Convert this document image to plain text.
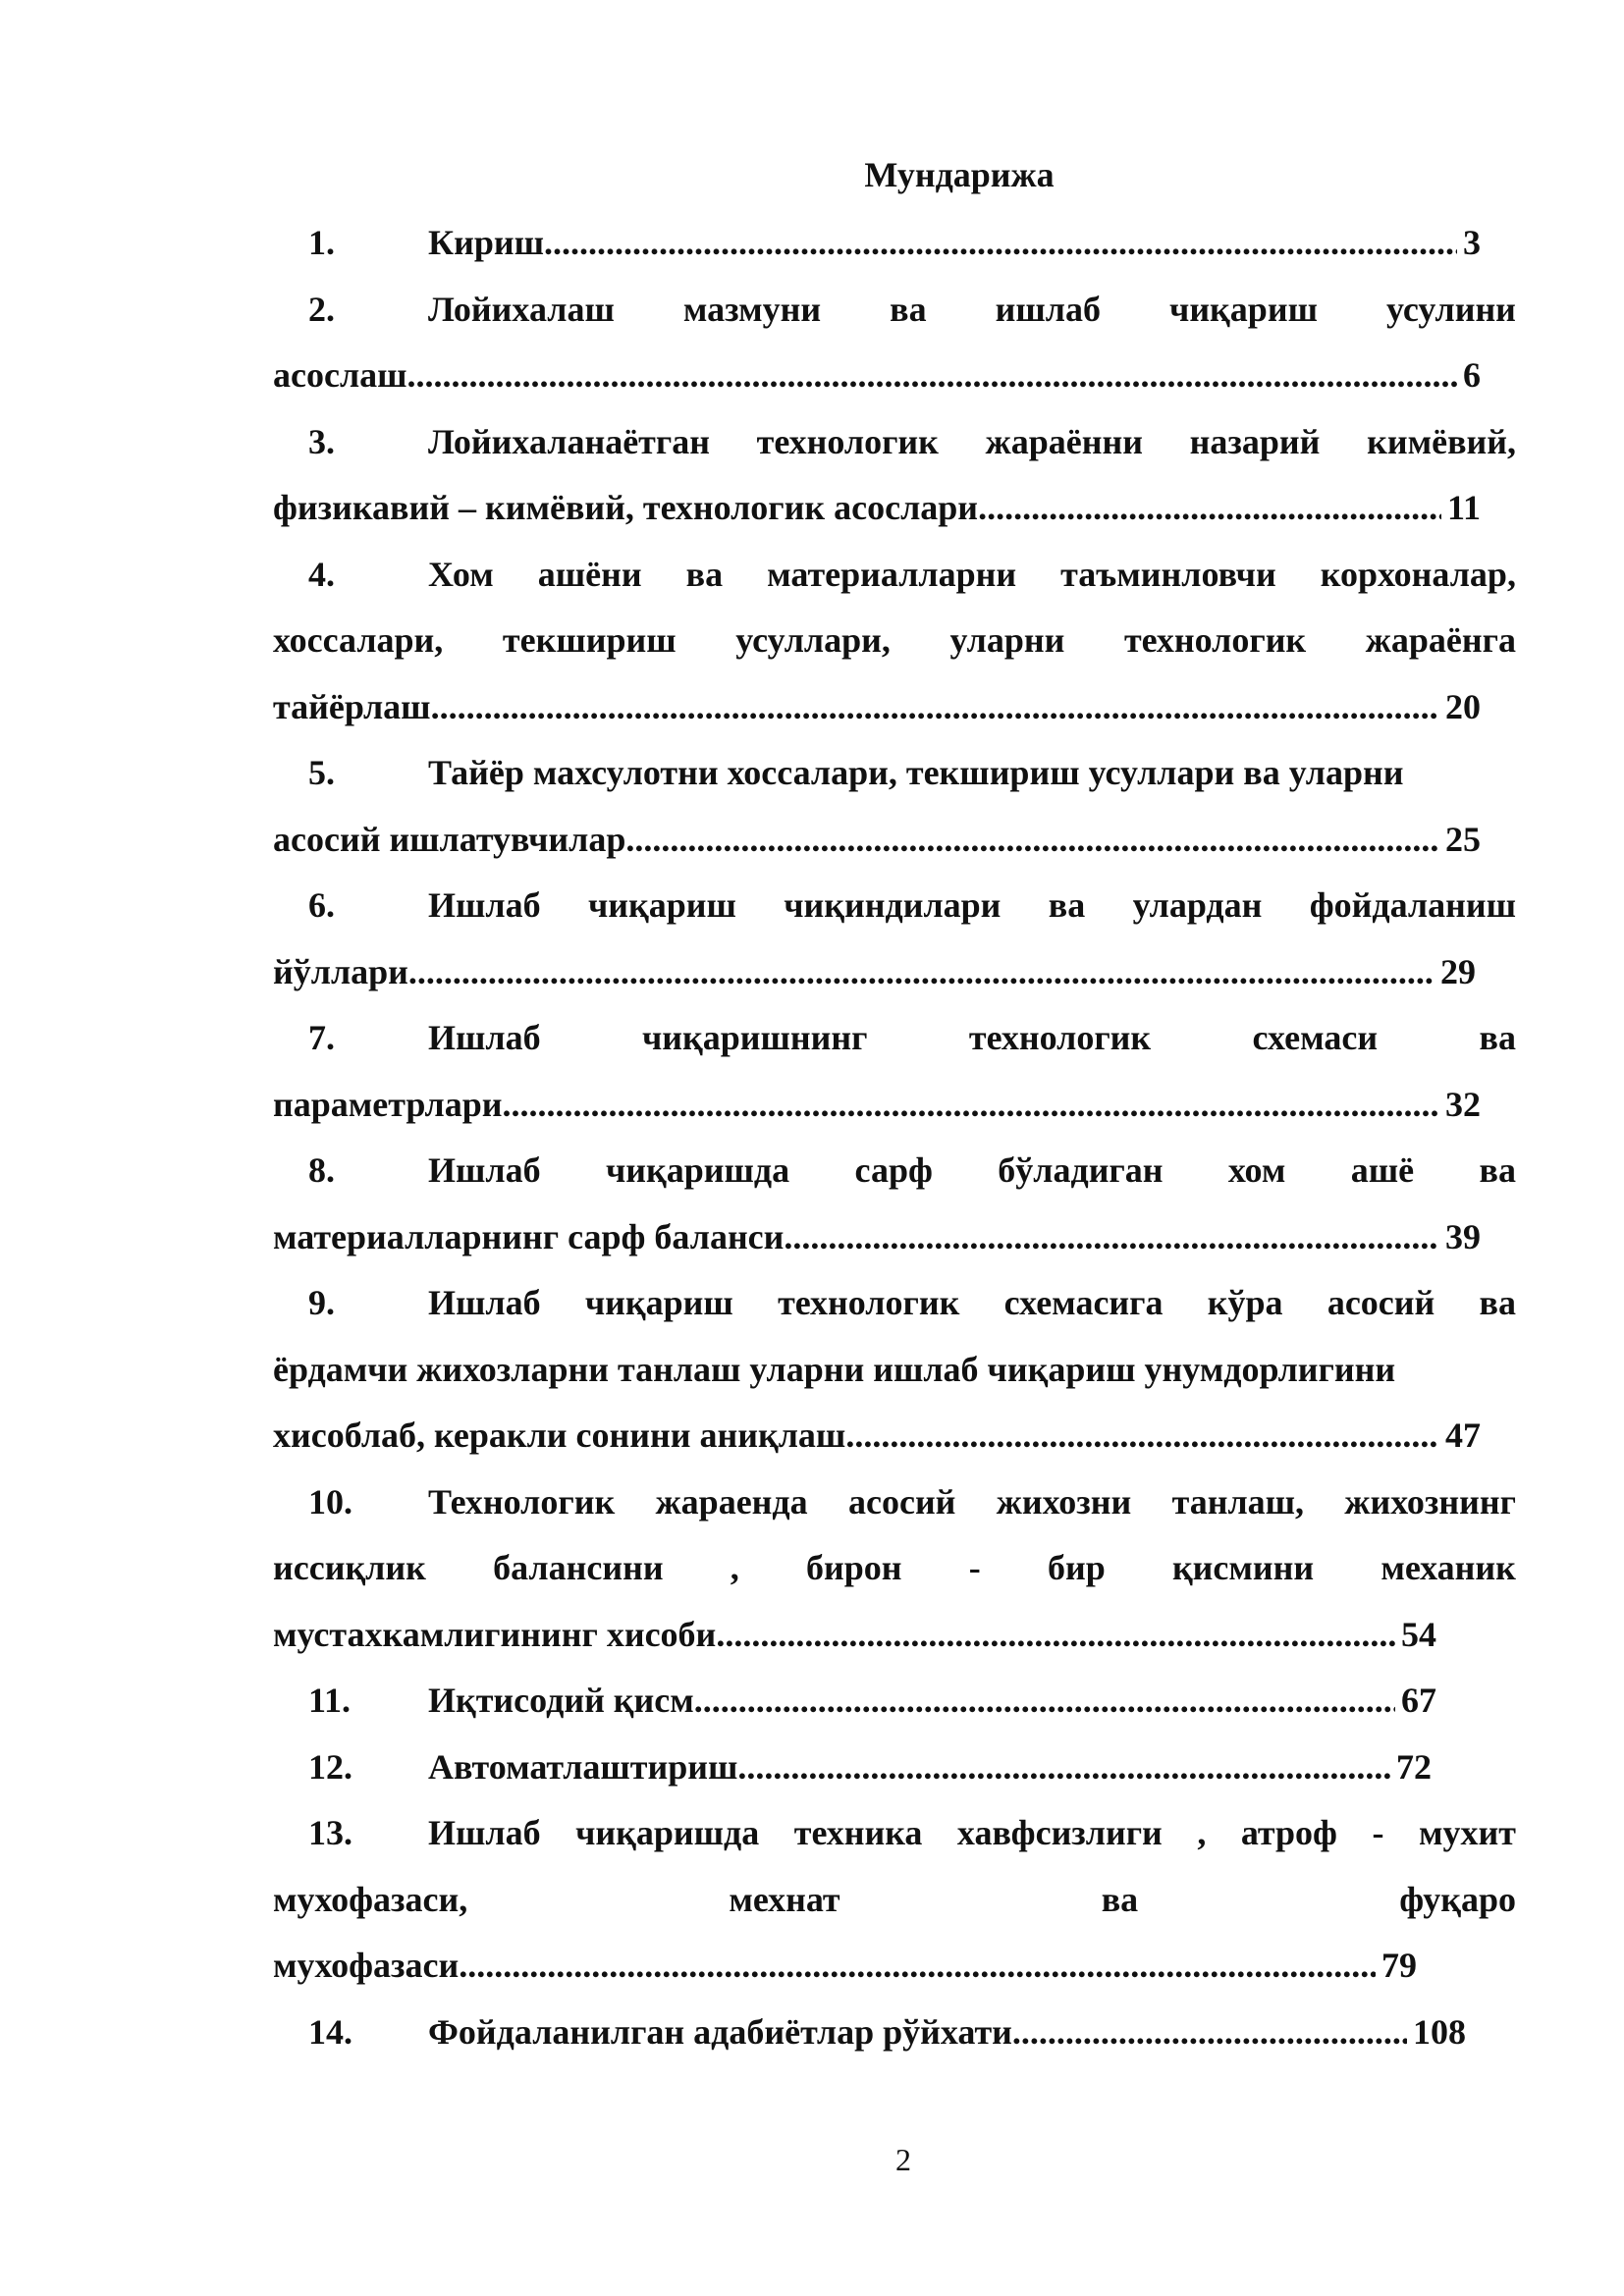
Мундарижа
1.	Кириш .....	3
2.	Лойихалаш мазмуни ва ишлаб чиқариш усулини
асослаш .....	6
3.	Лойихаланаётган технологик жараённи назарий кимёвий,
физикавий – кимёвий, технологик асослари .....	11
4.	Хом ашёни ва материалларни таъминловчи корхоналар,
хоссалари, текшириш усуллари, уларни технологик жараёнга
тайёрлаш .....	20
5.	Тайёр махсулотни хоссалари, текшириш усуллари ва уларни
асосий ишлатувчилар .....	25
6.	Ишлаб чиқариш чиқиндилари ва улардан фойдаланиш
йўллари .....	29
7.	Ишлаб	чиқаришнинг	технологик	схемаси	ва
параметрлари .....	32
8.	Ишлаб чиқаришда сарф бўладиган хом ашё ва
материалларнинг сарф баланси .....	39
9.	Ишлаб чиқариш технологик схемасига кўра асосий ва
ёрдамчи жихозларни танлаш уларни ишлаб чиқариш унумдорлигини
хисоблаб, керакли сонини аниқлаш .....	47
10.	Технологик жараенда асосий жихозни танлаш, жихознинг
иссиқлик балансини , бирон - бир қисмини механик
мустахкамлигининг хисоби .....	54
11.	Иқтисодий қисм .....	67
12.	Автоматлаштириш .....	72
13.	Ишлаб чиқаришда техника хавфсизлиги , атроф - мухит
мухофазаси,	мехнат	ва	фуқаро
мухофазаси .....	79
14.	Фойдаланилган адабиётлар рўйхати .....	108
2
